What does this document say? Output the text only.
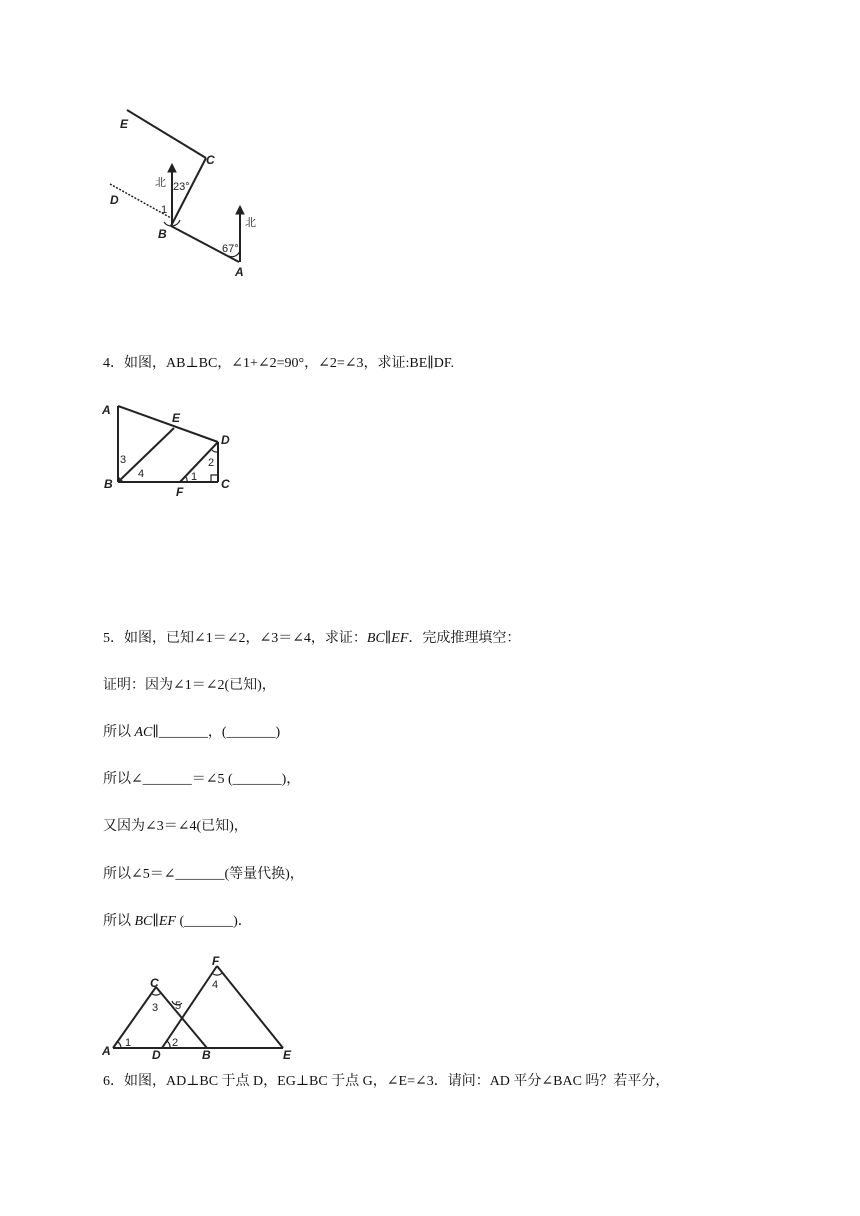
E
C
D
B
A
1
北 23°
北
67°
4．如图，AB⊥BC，∠1+∠2=90°，∠2=∠3，求证:BE∥DF.
A
E
D
B
F
C
1
2
3
4
5．如图，已知∠1＝∠2，∠3＝∠4，求证：BC∥EF．完成推理填空：
证明：因为∠1＝∠2(已知)，
所以 AC∥_______，(_______)
所以∠_______＝∠5 (_______)，
又因为∠3＝∠4(已知)，
所以∠5＝∠_______(等量代换)，
所以 BC∥EF (_______)．
F
C
A	D	B	E
1	2
3
4
5
6．如图，AD⊥BC 于点 D，EG⊥BC 于点 G，∠E=∠3．请问：AD 平分∠BAC 吗？若平分，
